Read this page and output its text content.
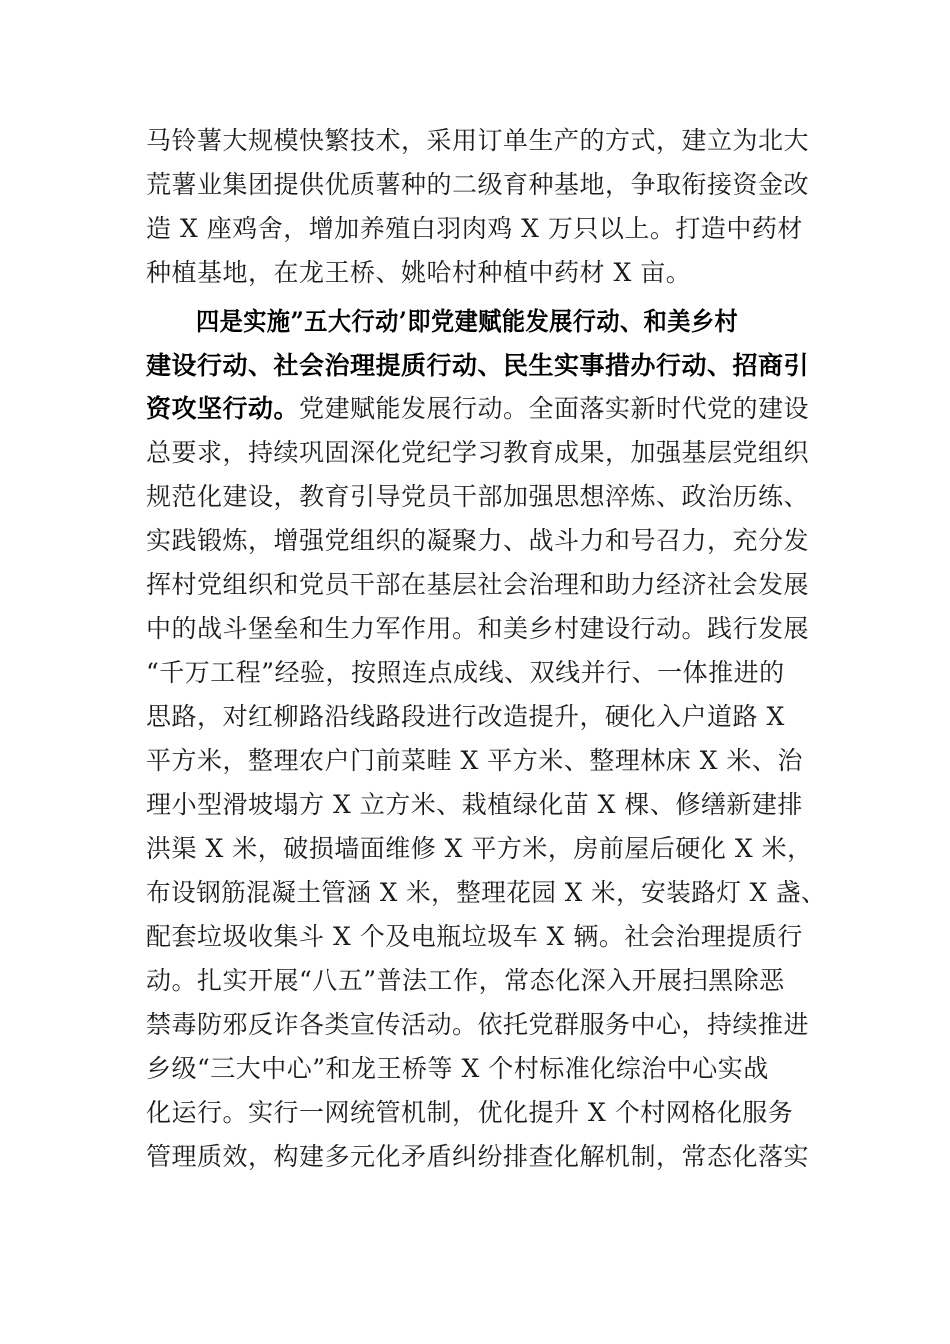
马铃薯大规模快繁技术，采用订单生产的方式，建立为北大
荒薯业集团提供优质薯种的二级育种基地，争取衔接资金改
造 X 座鸡舍，增加养殖白羽肉鸡 X 万只以上。打造中药材
种植基地，在龙王桥、姚哈村种植中药材 X 亩。
四是实施”五大行动’即党建赋能发展行动、和美乡村
建设行动、社会治理提质行动、民生实事措办行动、招商引
资攻坚行动。党建赋能发展行动。全面落实新时代党的建设
总要求，持续巩固深化党纪学习教育成果，加强基层党组织
规范化建设，教育引导党员干部加强思想淬炼、政治历练、
实践锻炼，增强党组织的凝聚力、战斗力和号召力，充分发
挥村党组织和党员干部在基层社会治理和助力经济社会发展
中的战斗堡垒和生力军作用。和美乡村建设行动。践行发展
“千万工程”经验，按照连点成线、双线并行、一体推进的
思路，对红柳路沿线路段进行改造提升，硬化入户道路 X
平方米，整理农户门前菜畦 X 平方米、整理林床 X 米、治
理小型滑坡塌方 X 立方米、栽植绿化苗 X 棵、修缮新建排
洪渠 X 米，破损墙面维修 X 平方米，房前屋后硬化 X 米，
布设钢筋混凝土管涵 X 米，整理花园 X 米，安装路灯 X 盏、
配套垃圾收集斗 X 个及电瓶垃圾车 X 辆。社会治理提质行
动。扎实开展“八五”普法工作，常态化深入开展扫黑除恶
禁毒防邪反诈各类宣传活动。依托党群服务中心，持续推进
乡级“三大中心”和龙王桥等 X 个村标准化综治中心实战
化运行。实行一网统管机制，优化提升 X 个村网格化服务
管理质效，构建多元化矛盾纠纷排查化解机制，常态化落实
